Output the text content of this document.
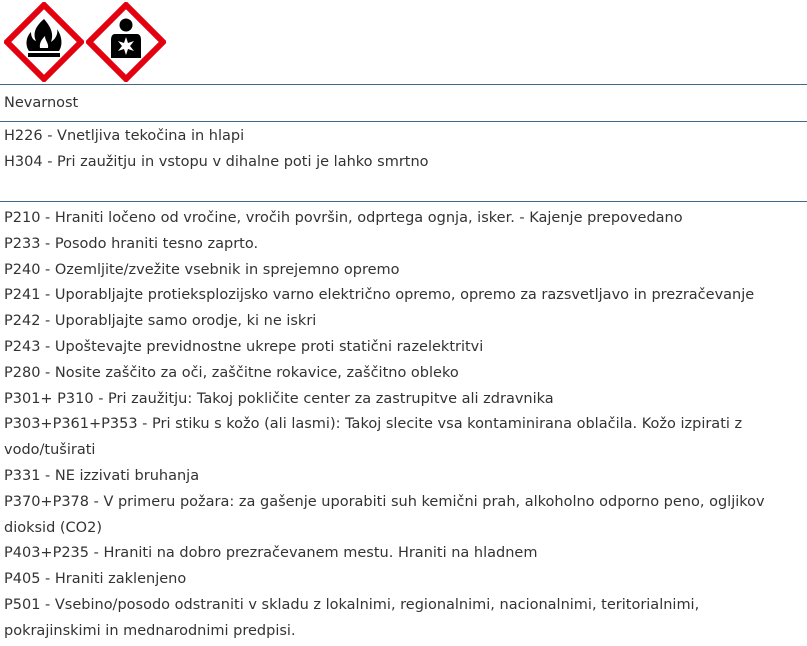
Nevarnost

H226 - Vnetljiva tekočina in hlapi
H304 - Pri zaužitju in vstopu v dihalne poti je lahko smrtno
P210 - Hraniti ločeno od vročine, vročih površin, odprtega ognja, isker. - Kajenje prepovedano
P233 - Posodo hraniti tesno zaprto.
P240 - Ozemljite/zvežite vsebnik in sprejemno opremo
P241 - Uporabljajte protieksplozijsko varno električno opremo, opremo za razsvetljavo in prezračevanje
P242 - Uporabljajte samo orodje, ki ne iskri
P243 - Upoštevajte previdnostne ukrepe proti statični razelektritvi
P280 - Nosite zaščito za oči, zaščitne rokavice, zaščitno obleko
P301+ P310 - Pri zaužitju: Takoj pokličite center za zastrupitve ali zdravnika
P303+P361+P353 - Pri stiku s kožo (ali lasmi): Takoj slecite vsa kontaminirana oblačila. Kožo izpirati z
vodo/tuširati
P331 - NE izzivati bruhanja
P370+P378 - V primeru požara: za gašenje uporabiti suh kemični prah, alkoholno odporno peno, ogljikov
dioksid (CO2)
P403+P235 - Hraniti na dobro prezračevanem mestu. Hraniti na hladnem
P405 - Hraniti zaklenjeno
P501 - Vsebino/posodo odstraniti v skladu z lokalnimi, regionalnimi, nacionalnimi, teritorialnimi,
pokrajinskimi in mednarodnimi predpisi.
